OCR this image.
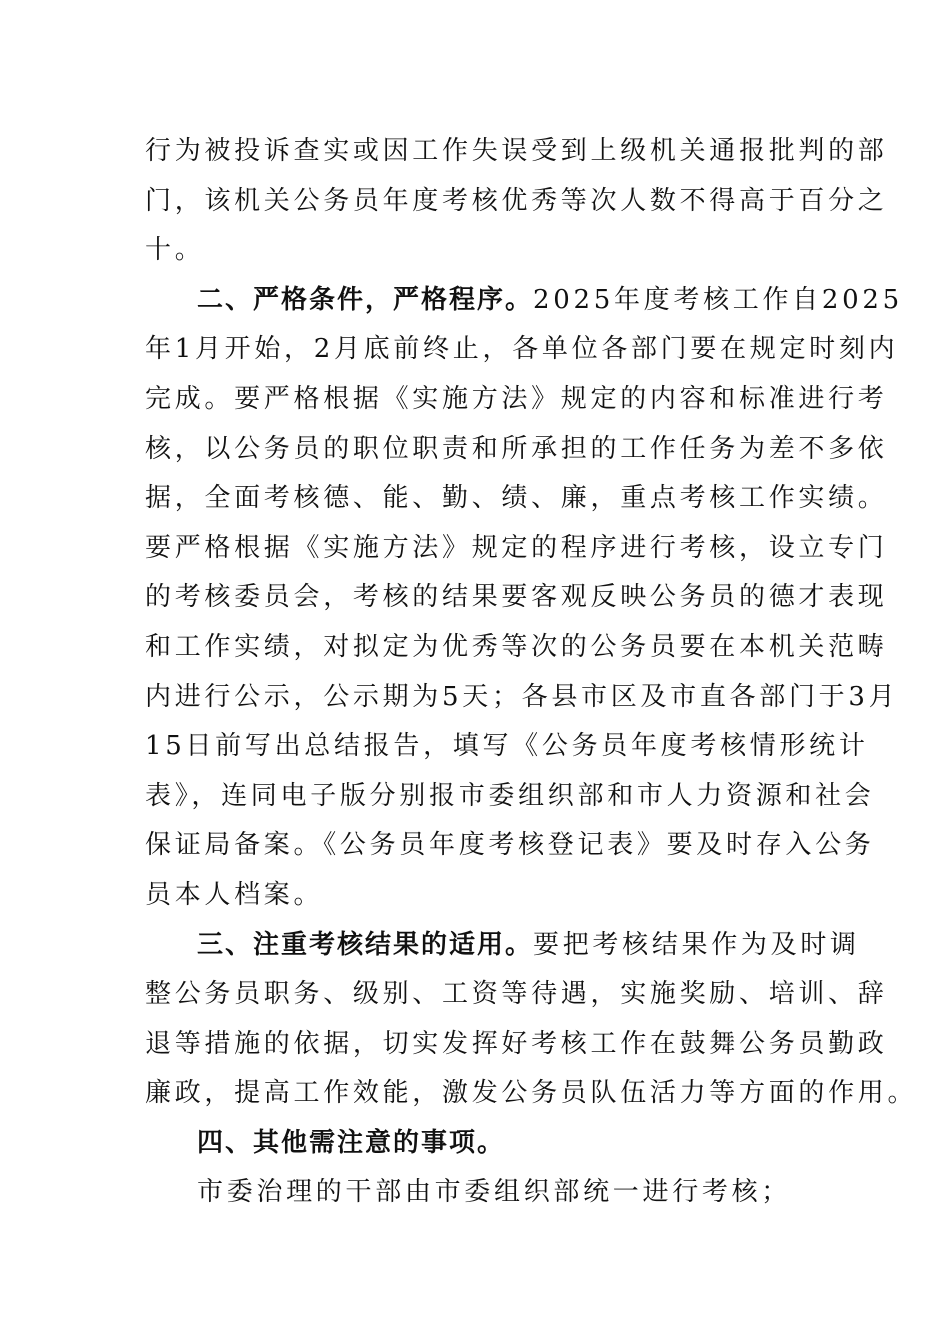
行为被投诉查实或因工作失误受到上级机关通报批判的部
门，该机关公务员年度考核优秀等次人数不得高于百分之
十。
二、严格条件，严格程序。2025年度考核工作自2025
年1月开始，2月底前终止，各单位各部门要在规定时刻内
完成。要严格根据《实施方法》规定的内容和标准进行考
核，以公务员的职位职责和所承担的工作任务为差不多依
据，全面考核德、能、勤、绩、廉，重点考核工作实绩。
要严格根据《实施方法》规定的程序进行考核，设立专门
的考核委员会，考核的结果要客观反映公务员的德才表现
和工作实绩，对拟定为优秀等次的公务员要在本机关范畴
内进行公示，公示期为5天；各县市区及市直各部门于3月
15日前写出总结报告，填写《公务员年度考核情形统计
表》，连同电子版分别报市委组织部和市人力资源和社会
保证局备案。《公务员年度考核登记表》要及时存入公务
员本人档案。
三、注重考核结果的适用。要把考核结果作为及时调
整公务员职务、级别、工资等待遇，实施奖励、培训、辞
退等措施的依据，切实发挥好考核工作在鼓舞公务员勤政
廉政，提高工作效能，激发公务员队伍活力等方面的作用。
四、其他需注意的事项。
市委治理的干部由市委组织部统一进行考核；
